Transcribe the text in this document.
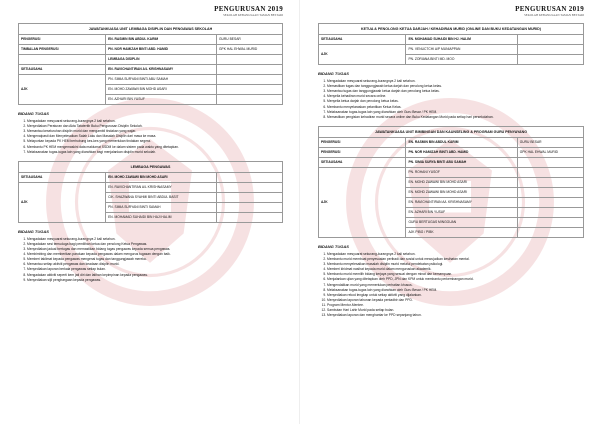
PENGURUSAN 2019
SEKOLAH KEBANGSAAN TAMAN BESTARI
JAWATANKUASA UNIT LEMBAGA DISIPLIN DAN PENGAWAS SEKOLAH		
PENGERUSI	EN. RASMIN BIN ABDUL KARIM	GURU BESAR
TIMBALAN PENGERUSI	PN. NOR HAMIZAH BINTI ABD. HAMID	GPK HAL EHWAL MURID
	LEMBAGA DISIPLIN	
SETIAUSAHA	EN. RAVICHANTIRAN A/L KRISHNASAMY	
AJK	PN. SIMIA SURYANI BINTI ABU SAMAH	
	EN. MOHD ZAWAWI BIN MOHD ASARI	
	EN. AZHARI BIN YUSUF	
BIDANG TUGAS
1. Mengadakan mesyuarat sekurang-kurangnya 2 kali setahun.
2. Menyediakan Peraturan dan Akta Tatatertib Buku Pengurusan Disiplin Sekolah.
3. Memantau keseluruhan disiplin murid dan mengambil tindakan yang wajar.
4. Mengenalpasti dan Menyelesaikan Salah Laku dan Masalah Disiplin dari masa ke masa.
5. Melaporkan kepada PK HEM berhubung kes-kes yang memerlukan tindakan segera.
6. Membantu PK HEM mengemaskini data maklumat SSDM ke dalam sistem pada waktu yang ditetapkan.
7. Melaksanakan tugas-tugas lain yang diarahkan bagi menjalankan disiplin murid sekolah.
LEMBAGA PENGAWAS		
SETIAUSAHA	EN. MOHD ZAWAWI BIN MOHD ASARI	
AJK	EN. RAVICHANTIRAN A/L KRISHNASAMY	
	CIK. SHAZWANA SYAHMI BINTI ABDUL BASIT	
	PN. SIMIA SURYANI BINTI SAMAH	
	EN. MOHAMAD SUHAIDI BIN HAJI HALIM	
BIDANG TUGAS
1. Mengadakan mesyuarat sekurang-kurangnya 2 kali setahun.
2. Mengadakan sesi temuduga bagi pemilihan ketua dan penolong Ketua Pengawas.
3. Menyediakan jadual bertugas dan memastikan bidang tugas pengawas kepada semua pengawas.
4. Membimbing dan memberikan panduan kepada pengawas dalam mengurus tugasan dengan baik.
5. Memberi taklimat kepada pengawas mengenai tugas dan tanggungjawab mereka.
6. Memantau setiap aktiviti pengawas dan keadaan disiplin murid.
7. Menyediakan laporan berkala pengawas setiap bulan.
8. Mengadakan aktiviti seperti kem jati diri dan latihan kepimpinan kepada pengawas.
9. Menyediakan sijil penghargaan kepada pengawas.
PENGURUSAN 2019
SEKOLAH KEBANGSAAN TAMAN BESTARI
KETUA & PENOLONG KETUA DARJAH / KEHADIRAN MURID (ONLINE DAN BUKU KEDATANGAN MURID)		
SETIAUSAHA	EN. MOHAMAD SUHAIDI BIN HJ. HALIM	
AJK	PN. VENUCTCHI A/P MUNIAPPAN	
	PN. ZORIANA BINTI MD. MOO	
BIDANG TUGAS
1. Mengadakan mesyuarat sekurang-kurangnya 2 kali setahun.
2. Memastikan tugas dan tanggungjawab ketua darjah dan penolong ketua kelas.
3. Memantau tugas dan tanggungjawab ketua darjah dan penolong ketua kelas.
4. Menyelia kehadiran murid secara online.
5. Menyelia ketua darjah dan penolong ketua kelas.
6. Membantu menyelaraskan pelantikan Ketua Kelas.
7. Melaksanakan tugas-tugas lain yang diarahkan oleh Guru Besar / PK HEM.
8. Memastikan pengisian kehadiran murid secara online dan Buku Kedatangan Murid pada setiap hari persekolahan.
JAWATANKUASA UNIT BIMBINGAN DAN KAUNSELING & PROGRAM GURU PENYAYANG		
PENGERUSI	EN. RASMIN BIN ABDUL KARIM	GURU BESAR
PENGERUSI	PN. NOR HAMIZAH BINTI ABD. HAMID	GPK HAL EHWAL MURID
SETIAUSAHA	PN. SIMIA SURYA BINTI ABU SAMAH	
AJK	PN. ROHANI YUSOF	
	EN. MOHD ZAWAWI BIN MOHD ASARI	
	EN. MOHD ZAWAWI BIN MOHD ASARI	
	EN. RAVICHANTIRAN A/L KRISHNASAMY	
	EN. AZHARI BIN YUSUF	
	GURU BERTUGAS MINGGUAN	
	AJK PIBG / PIBK	
BIDANG TUGAS
1. Mengadakan mesyuarat sekurang-kurangnya 2 kali setahun.
2. Membantu murid membuat penyesuaian peribadi dan sosial untuk mewujudkan kesihatan mental.
3. Membantu menyelesaikan masalah disiplin murid melalui pendekatan psikologi.
4. Memberi khidmat nasihat kepada murid dalam menguruskan akademik.
5. Membantu murid memilih bidang kerjaya yang sesuai dengan minat dan kemampuan.
6. Menjalankan ujian yang ditetapkan oleh PPD, JPN dan KPM untuk membantu perkembangan murid.
7. Mengendalikan murid yang memerlukan perhatian khusus.
8. Melaksanakan tugas-tugas lain yang diarahkan oleh Guru Besar / PK HEM.
9. Menyediakan rekod lengkap untuk setiap aktiviti yang dijalankan.
10. Menyediakan laporan tahunan kepada pentadbir dan PPD.
11. Program Mentor-Mentee.
12. Sambutan Hari Lahir Murid pada setiap bulan.
13. Menyediakan laporan dan menghantar ke PPD sepanjang tahun.
